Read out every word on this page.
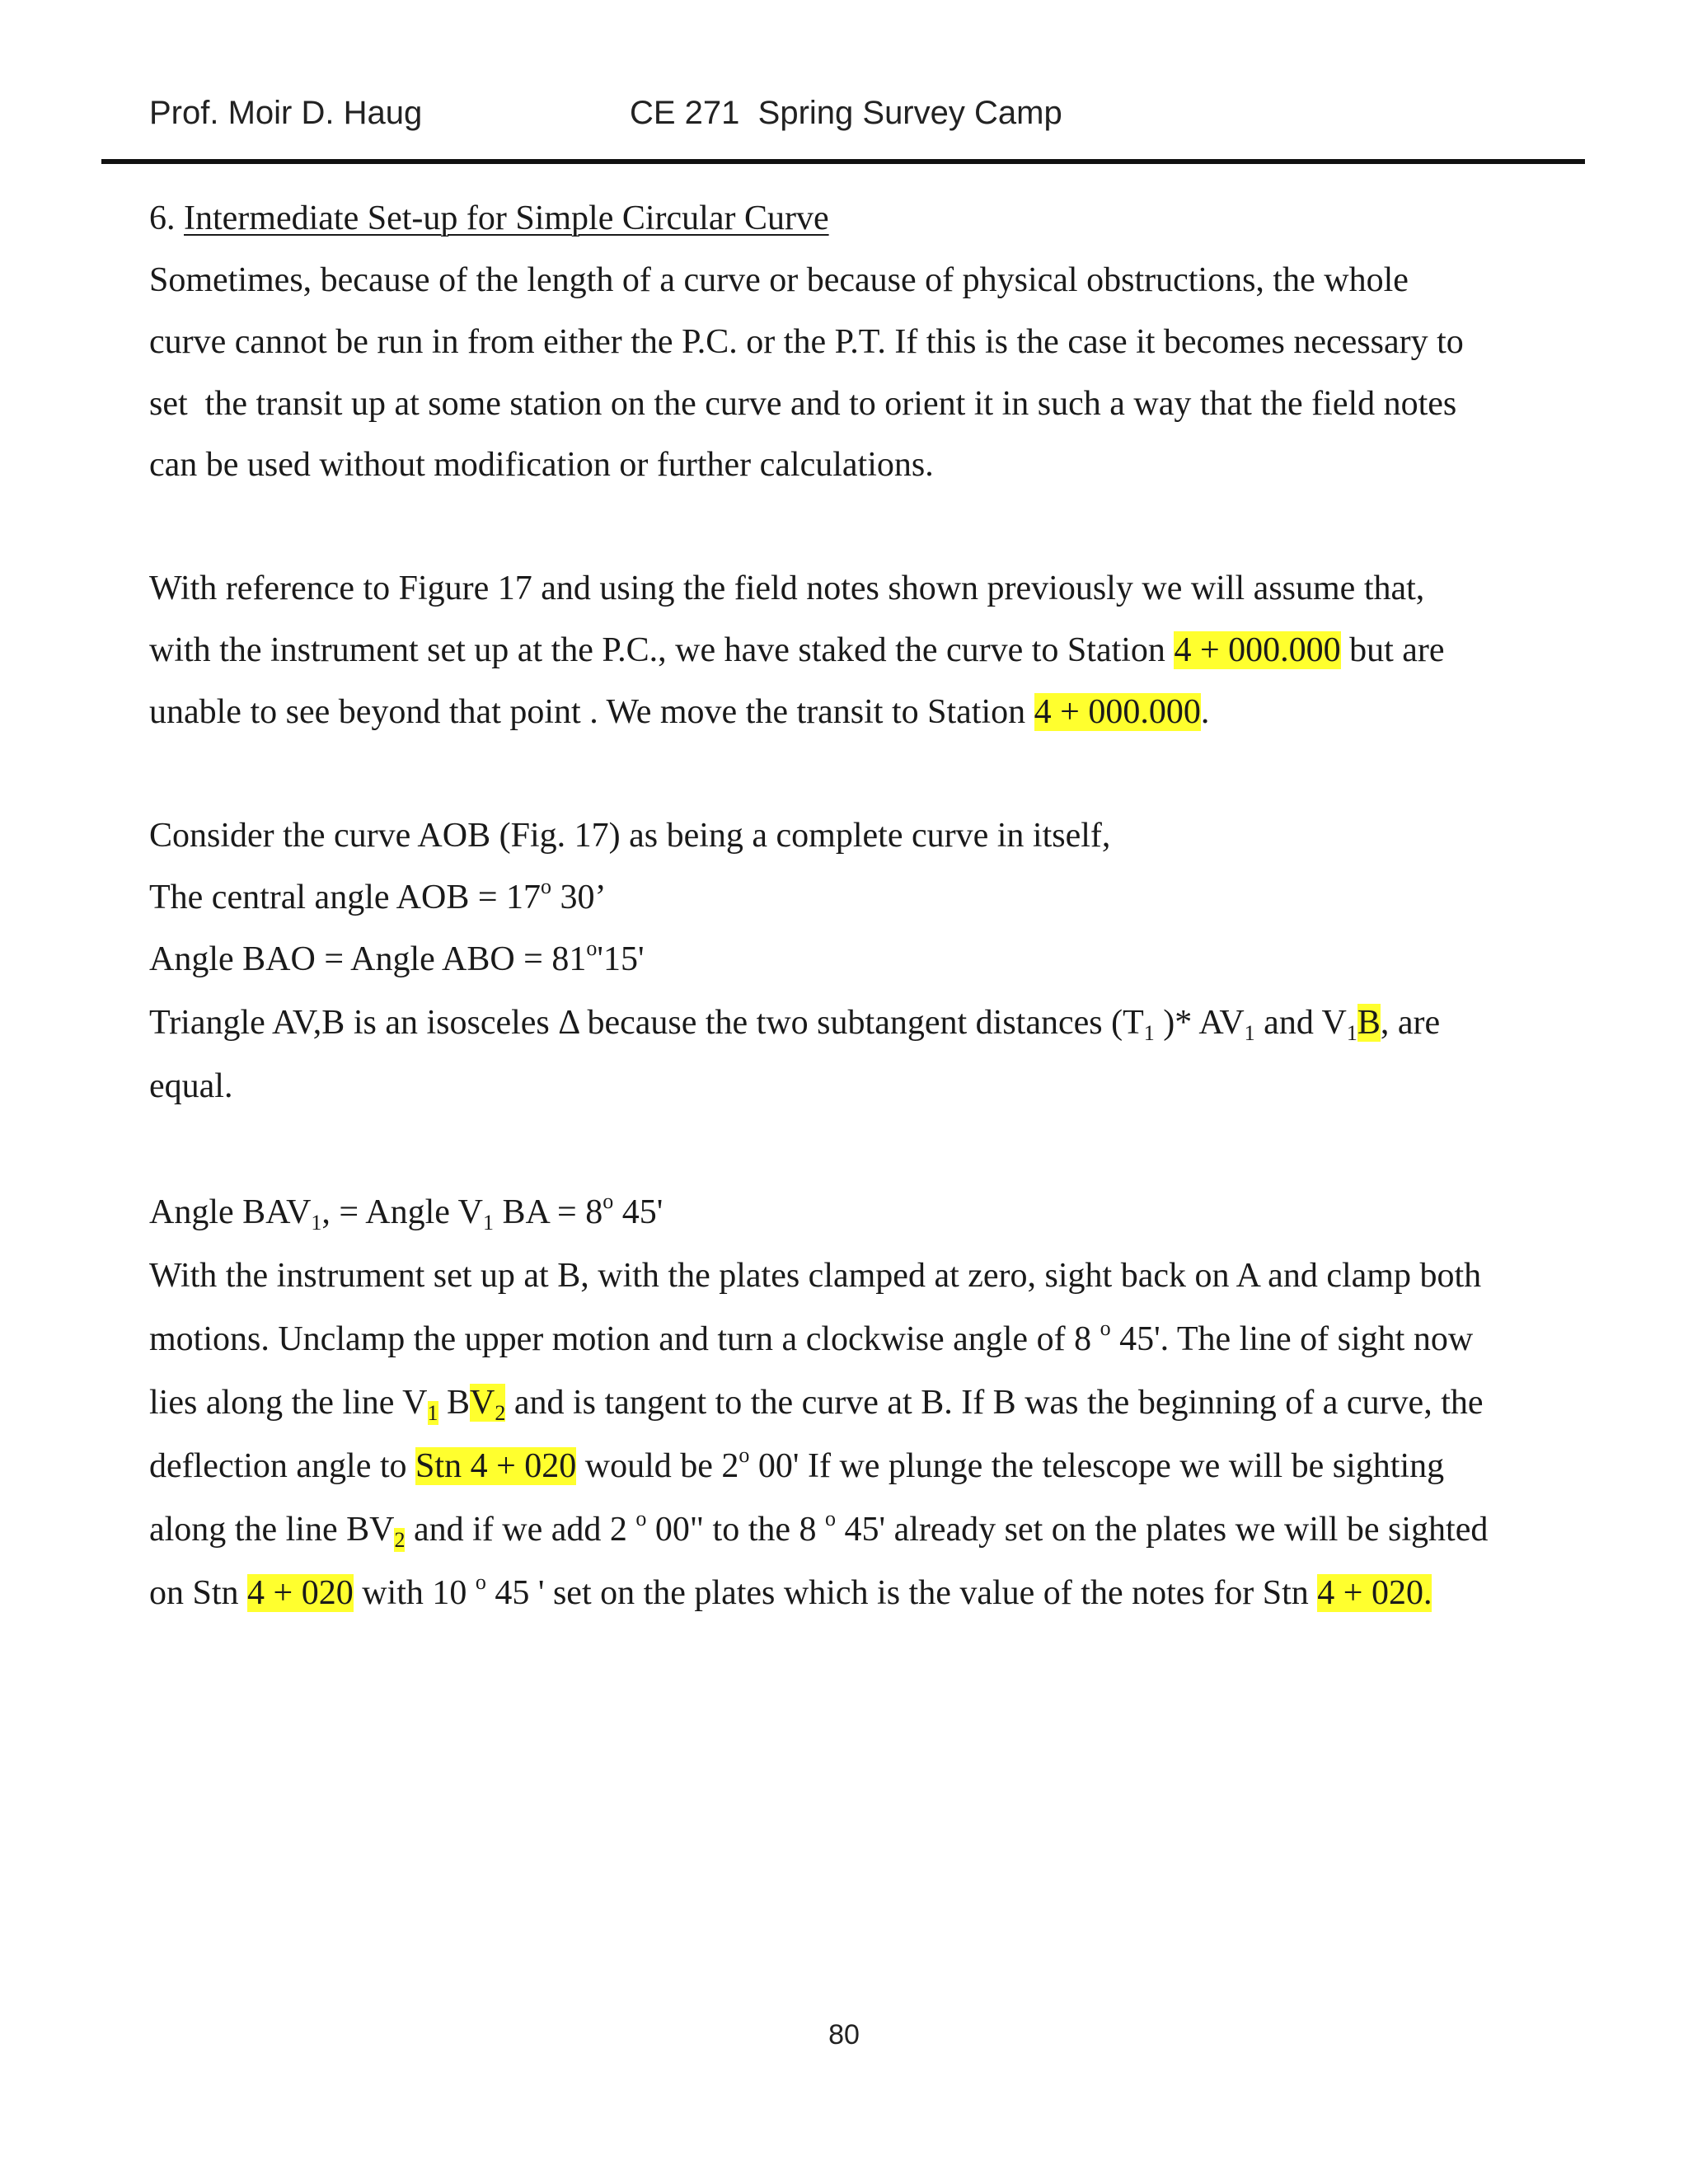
Prof. Moir D. Haug	CE 271  Spring Survey Camp
6. Intermediate Set-up for Simple Circular Curve
Sometimes, because of the length of a curve or because of physical obstructions, the whole
curve cannot be run in from either the P.C. or the P.T. If this is the case it becomes necessary to
set  the transit up at some station on the curve and to orient it in such a way that the field notes
can be used without modification or further calculations.
With reference to Figure 17 and using the field notes shown previously we will assume that,
with the instrument set up at the P.C., we have staked the curve to Station 4 + 000.000 but are
unable to see beyond that point . We move the transit to Station 4 + 000.000.
Consider the curve AOB (Fig. 17) as being a complete curve in itself,
The central angle AOB = $17^o$ 30’
Angle BAO = Angle ABO = $81^o'15'$
Triangle AV,B is an isosceles Δ because the two subtangent distances ($T_1$ )* $AV_1$ and $V_1B$, are
equal.
Angle $BAV_1$, = Angle $V_1$ BA = $8^o$ 45'
With the instrument set up at B, with the plates clamped at zero, sight back on A and clamp both
motions. Unclamp the upper motion and turn a clockwise angle of 8 $^o$ 45'. The line of sight now
lies along the line $V_1$ $BV_2$ and is tangent to the curve at B. If B was the beginning of a curve, the
deflection angle to Stn 4 + 020 would be 2$^o$ 00' If we plunge the telescope we will be sighting
along the line $BV_2$ and if we add 2 $^o$ 00" to the 8 $^o$ 45' already set on the plates we will be sighted
on Stn 4 + 020 with 10 $^o$ 45 ' set on the plates which is the value of the notes for Stn 4 + 020.
80
